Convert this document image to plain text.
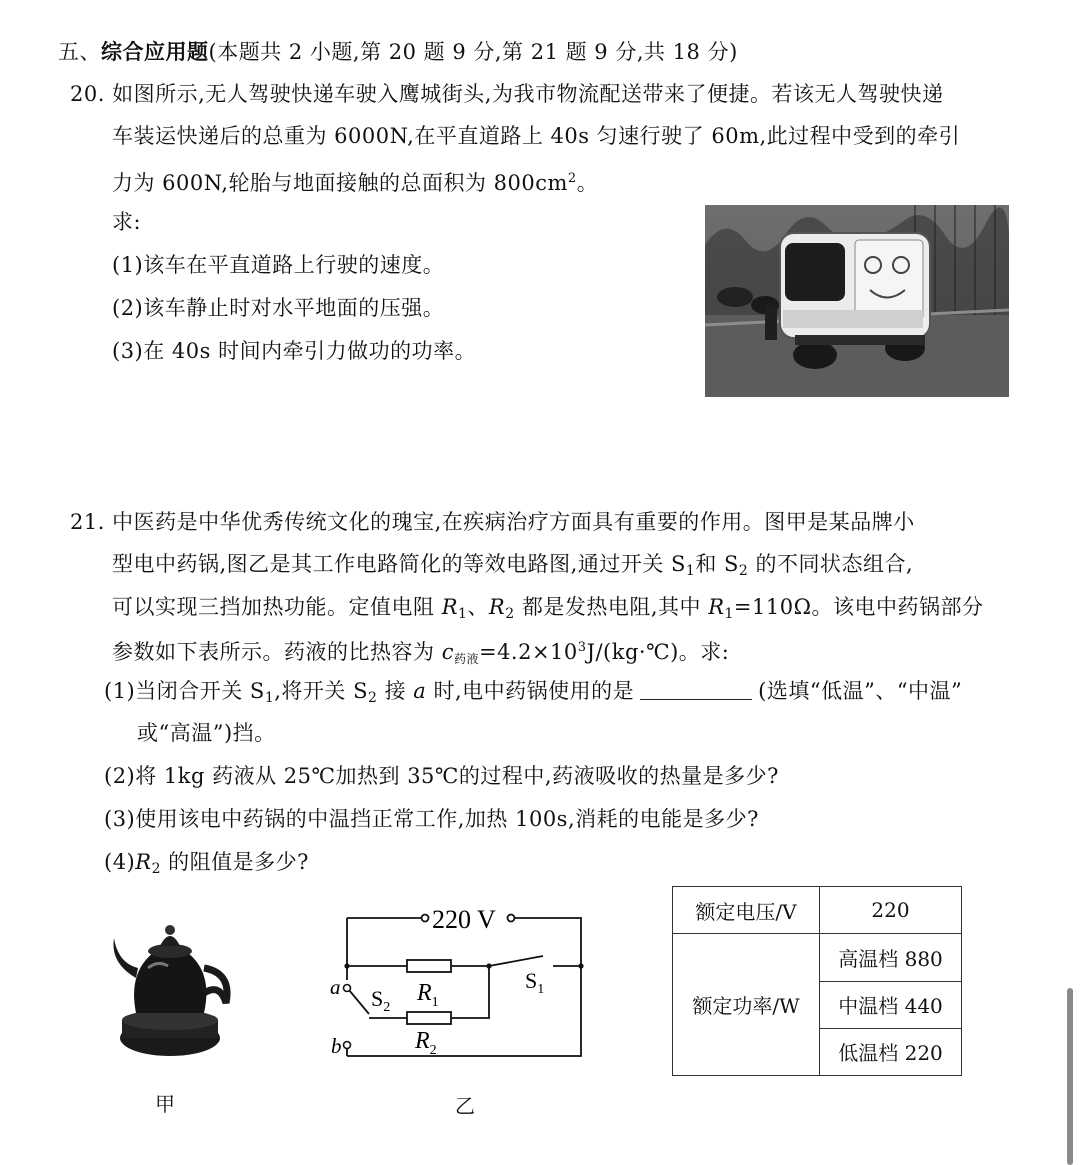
五、综合应用题(本题共 2 小题,第 20 题 9 分,第 21 题 9 分,共 18 分)
20. 如图所示,无人驾驶快递车驶入鹰城街头,为我市物流配送带来了便捷。若该无人驾驶快递
车装运快递后的总重为 6000N,在平直道路上 40s 匀速行驶了 60m,此过程中受到的牵引
力为 600N,轮胎与地面接触的总面积为 $800cm^2$。
求:
(1)该车在平直道路上行驶的速度。
(2)该车静止时对水平地面的压强。
(3)在 40s 时间内牵引力做功的功率。
21. 中医药是中华优秀传统文化的瑰宝,在疾病治疗方面具有重要的作用。图甲是某品牌小
型电中药锅,图乙是其工作电路简化的等效电路图,通过开关 $S_1$和 $S_2$ 的不同状态组合,
可以实现三挡加热功能。定值电阻 $R_1$、$R_2$ 都是发热电阻,其中 $R_1=110\Omega$。该电中药锅部分
参数如下表所示。药液的比热容为 $c_{药液}=4.2\times 10^3J/(kg\cdot℃)$。求:
(1)当闭合开关 $S_1$,将开关 $S_2$ 接 a 时,电中药锅使用的是	(选填“低温”、“中温”
或“高温”)挡。
(2)将 1kg 药液从 25℃加热到 35℃的过程中,药液吸收的热量是多少?
(3)使用该电中药锅的中温挡正常工作,加热 100s,消耗的电能是多少?
$(4)R_2$ 的阻值是多少?
甲
220 V
a
b
$S_2$
$S_1$
$R_1$
$R_2$
乙
额定电压/V	220
额定功率/W	高温档 880
	中温档 440
	低温档 220
